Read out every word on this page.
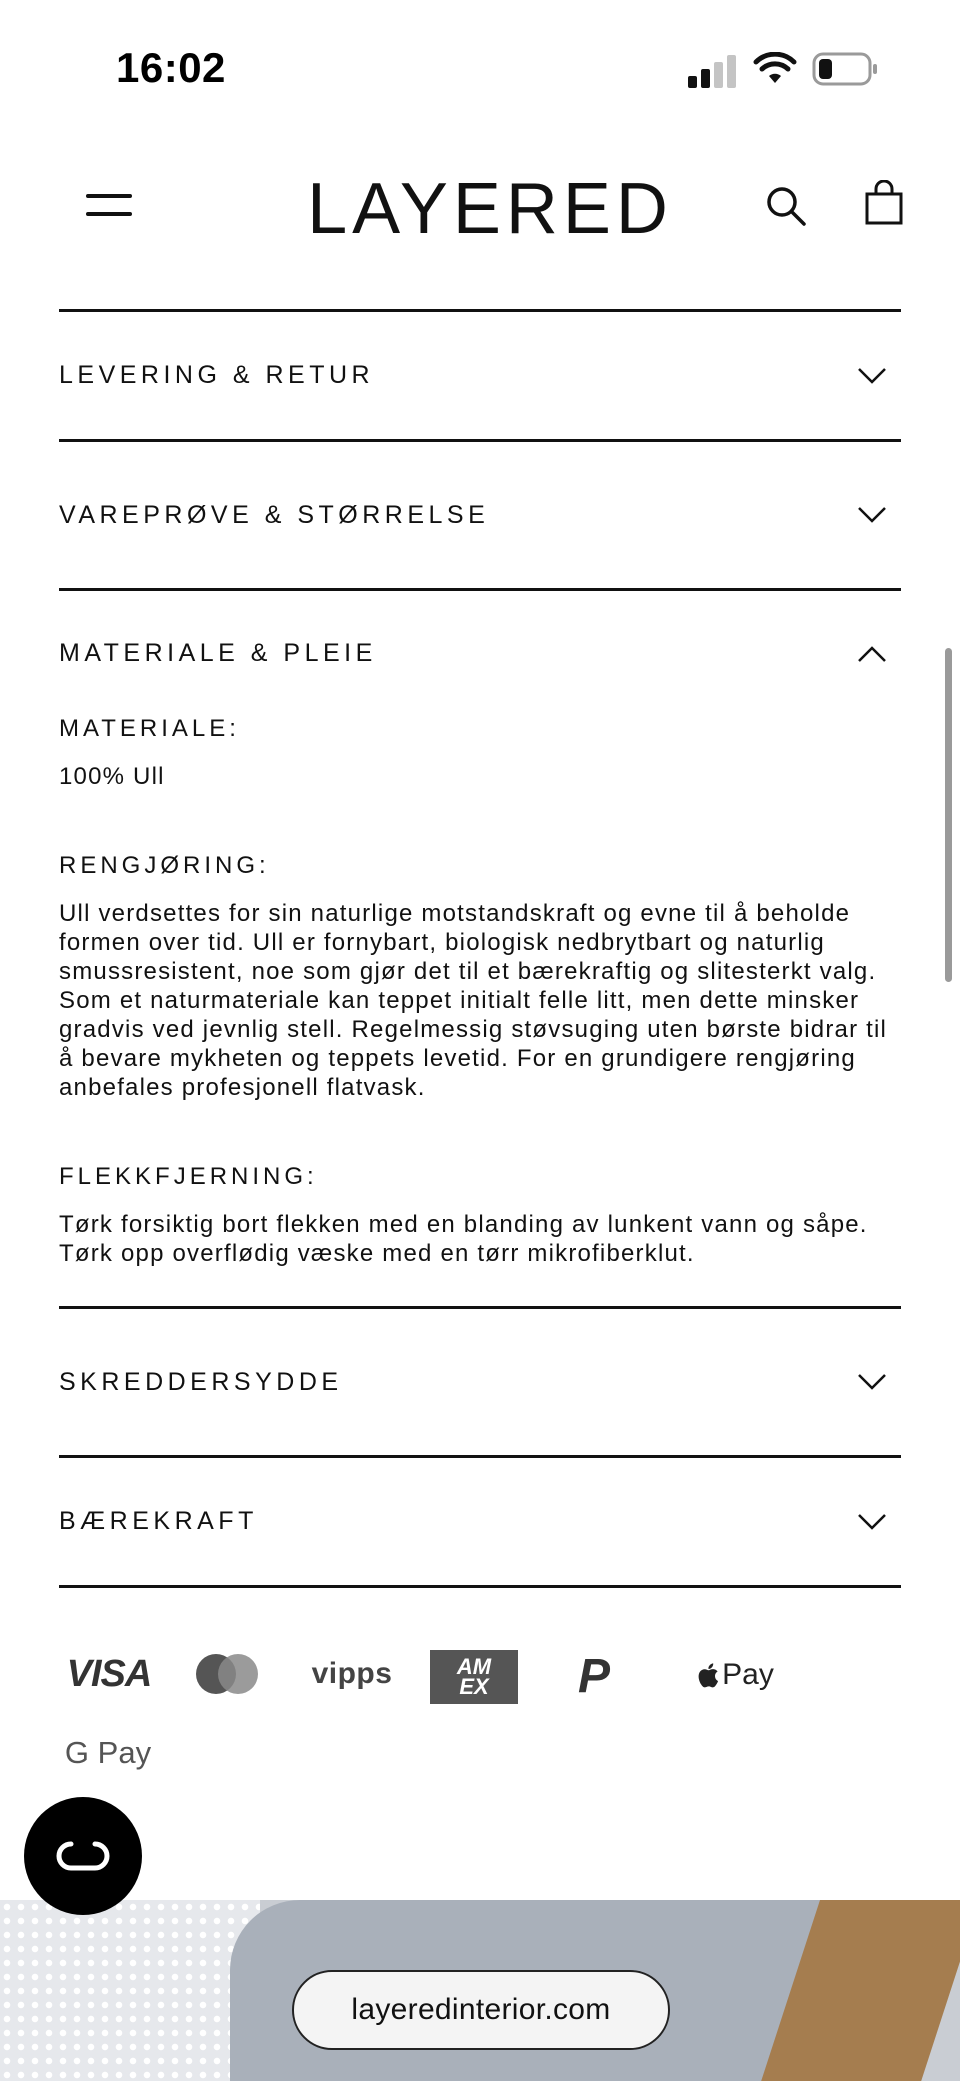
16:02
LAYERED
LEVERING & RETUR
VAREPRØVE & STØRRELSE
MATERIALE & PLEIE
MATERIALE:

100% Ull

RENGJØRING:

Ull verdsettes for sin naturlige motstandskraft og evne til å beholde formen over tid. Ull er fornybart, biologisk nedbrytbart og naturlig smussresistent, noe som gjør det til et bærekraftig og slitesterkt valg. Som et naturmateriale kan teppet initialt felle litt, men dette minsker gradvis ved jevnlig stell. Regelmessig støvsuging uten børste bidrar til å bevare mykheten og teppets levetid. For en grundigere rengjøring anbefales profesjonell flatvask.

FLEKKFJERNING:

Tørk forsiktig bort flekken med en blanding av lunkent vann og såpe. Tørk opp overflødig væske med en tørr mikrofiberklut.

SKREDDERSYDDE
BÆREKRAFT
VISA	vipps	AM
EX P	Pay
G Pay
layeredinterior.com
